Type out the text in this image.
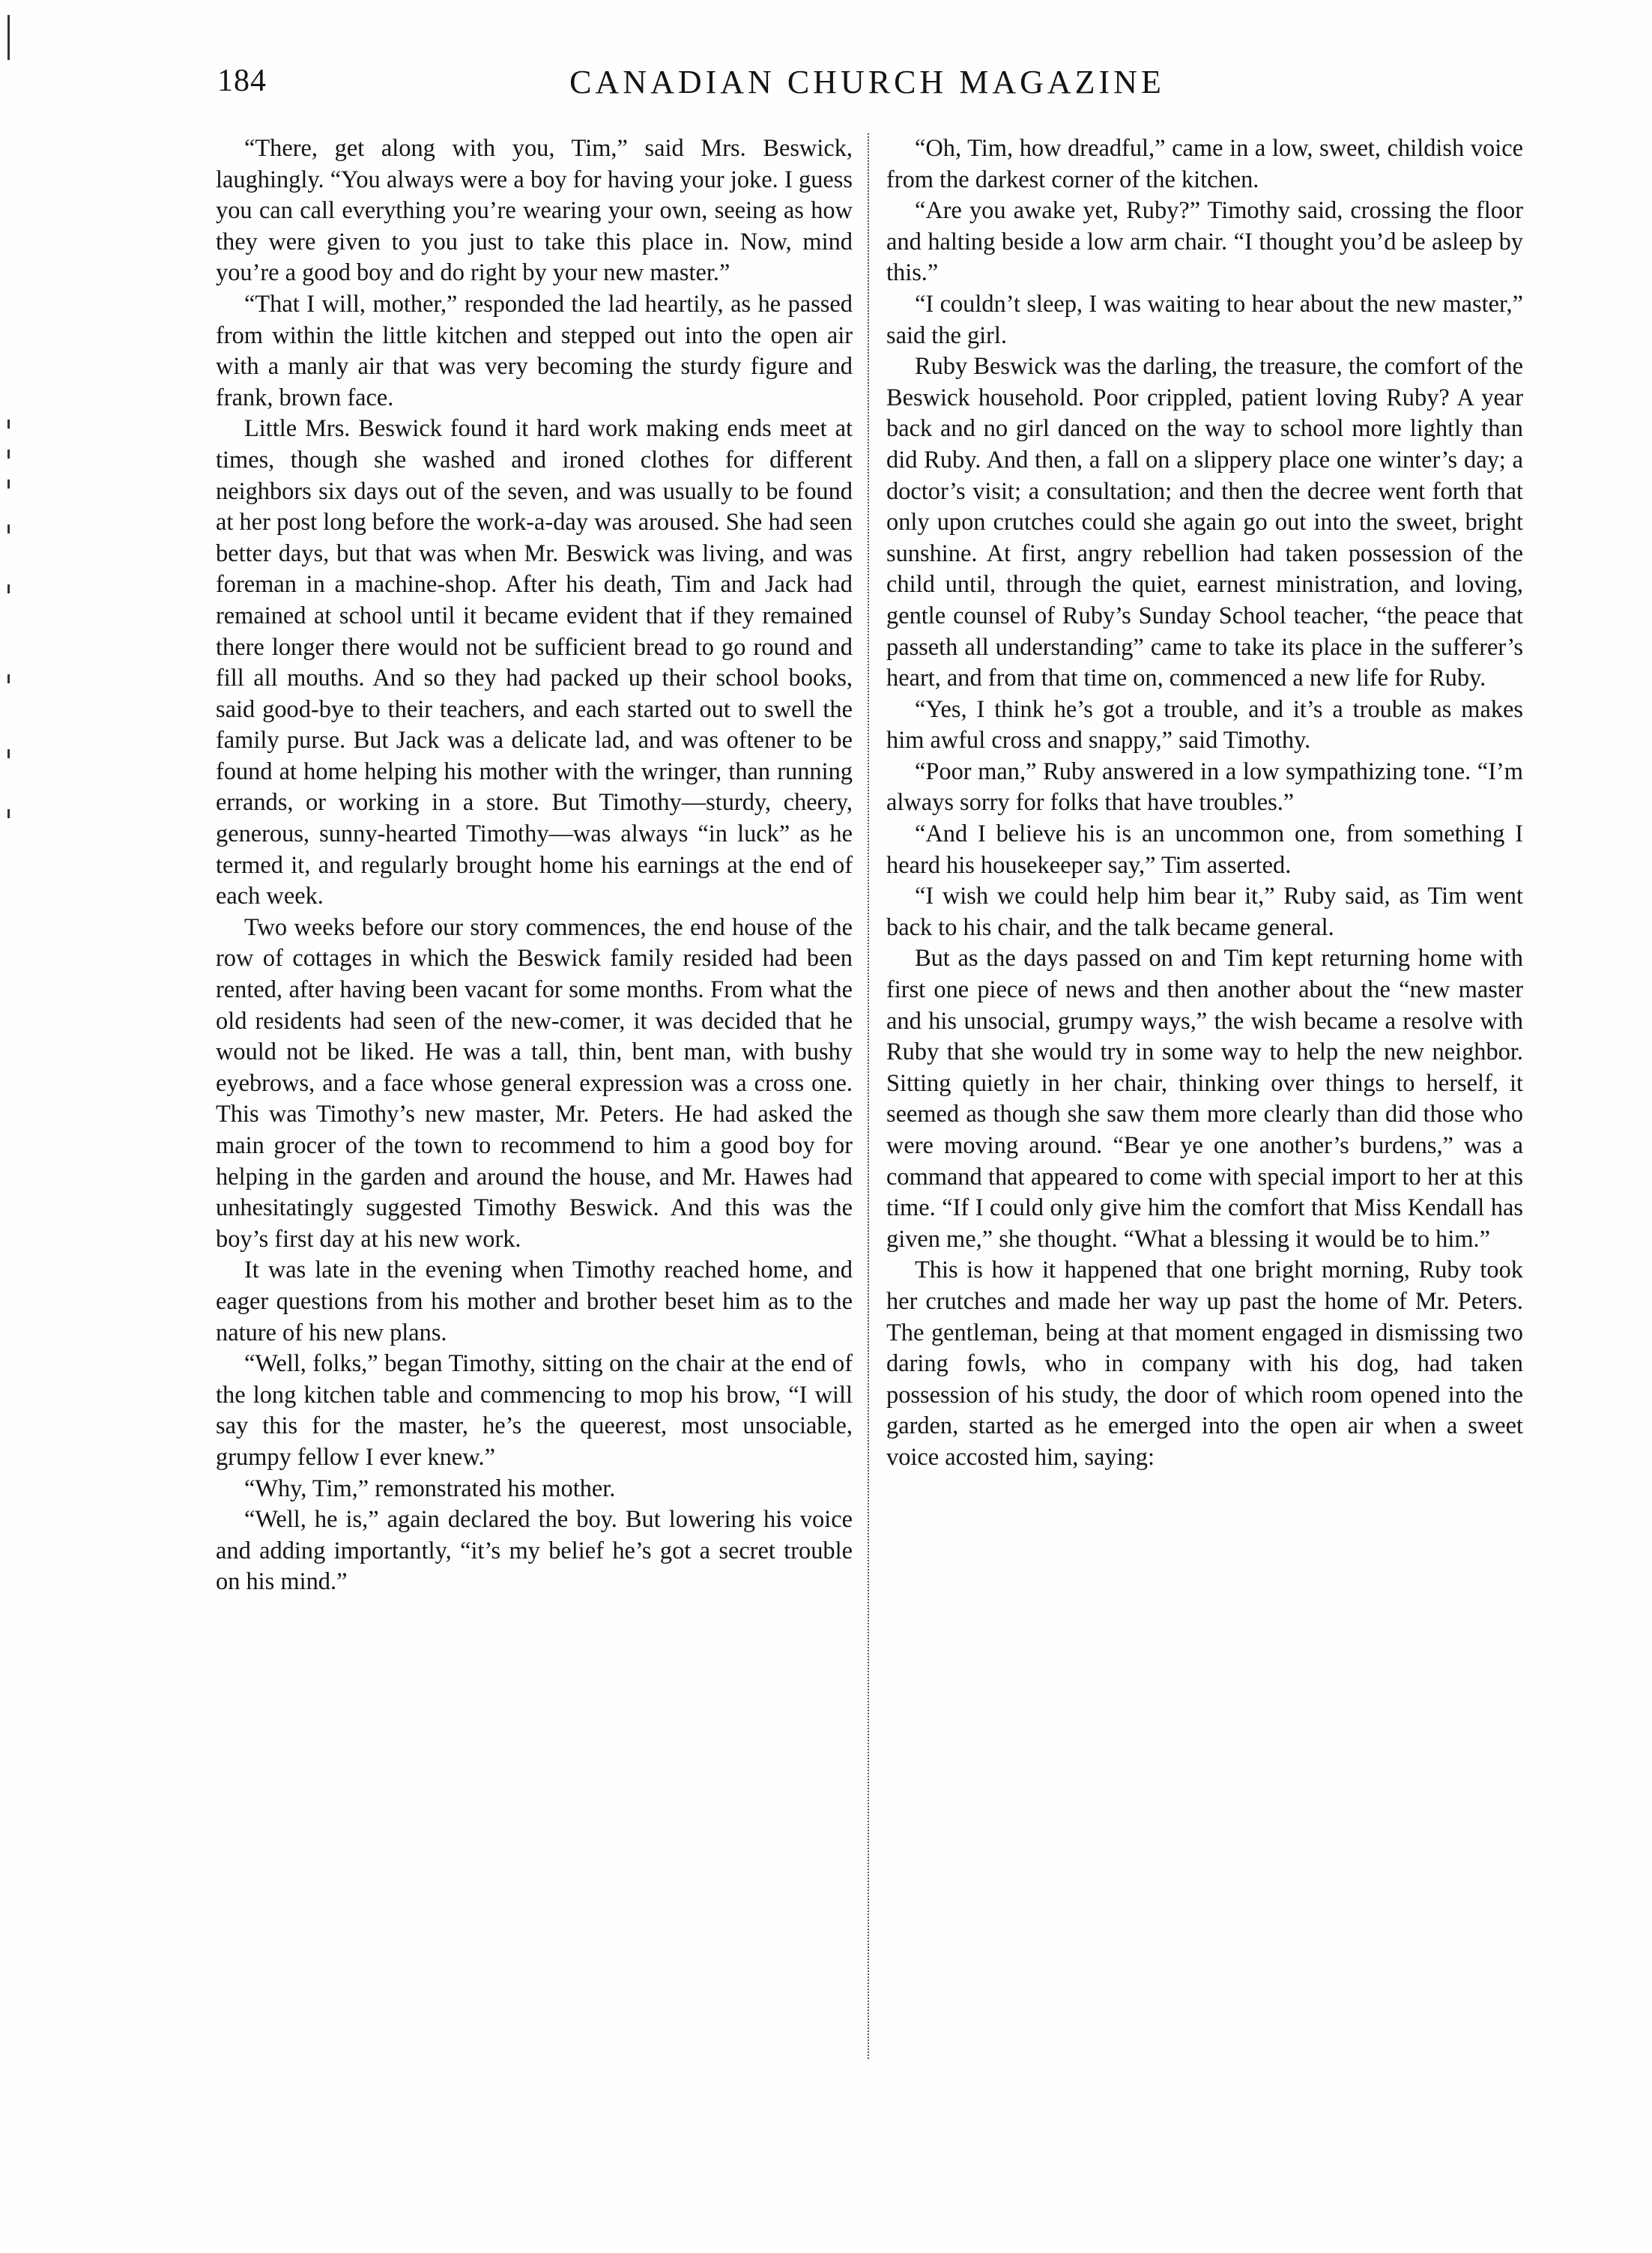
184	CANADIAN CHURCH MAGAZINE

“There, get along with you, Tim,” said Mrs. Beswick, laughingly. “You always were a boy for having your joke. I guess you can call everything you’re wearing your own, seeing as how they were given to you just to take this place in. Now, mind you’re a good boy and do right by your new master.”

“That I will, mother,” responded the lad heartily, as he passed from within the little kitchen and stepped out into the open air with a manly air that was very becoming the sturdy figure and frank, brown face.

Little Mrs. Beswick found it hard work making ends meet at times, though she washed and ironed clothes for different neighbors six days out of the seven, and was usually to be found at her post long before the work-a-day was aroused. She had seen better days, but that was when Mr. Beswick was living, and was foreman in a machine-shop. After his death, Tim and Jack had remained at school until it became evident that if they remained there longer there would not be sufficient bread to go round and fill all mouths. And so they had packed up their school books, said good-bye to their teachers, and each started out to swell the family purse. But Jack was a delicate lad, and was oftener to be found at home helping his mother with the wringer, than running errands, or working in a store. But Timothy—sturdy, cheery, generous, sunny-hearted Timothy—was always “in luck” as he termed it, and regularly brought home his earnings at the end of each week.

Two weeks before our story commences, the end house of the row of cottages in which the Beswick family resided had been rented, after having been vacant for some months. From what the old residents had seen of the new-comer, it was decided that he would not be liked. He was a tall, thin, bent man, with bushy eyebrows, and a face whose general expression was a cross one. This was Timothy’s new master, Mr. Peters. He had asked the main grocer of the town to recommend to him a good boy for helping in the garden and around the house, and Mr. Hawes had unhesitatingly suggested Timothy Beswick. And this was the boy’s first day at his new work.

It was late in the evening when Timothy reached home, and eager questions from his mother and brother beset him as to the nature of his new plans.

“Well, folks,” began Timothy, sitting on the chair at the end of the long kitchen table and commencing to mop his brow, “I will say this for the master, he’s the queerest, most unsociable, grumpy fellow I ever knew.”

“Why, Tim,” remonstrated his mother.

“Well, he is,” again declared the boy. But lowering his voice and adding importantly, “it’s my belief he’s got a secret trouble on his mind.”

“Oh, Tim, how dreadful,” came in a low, sweet, childish voice from the darkest corner of the kitchen.

“Are you awake yet, Ruby?” Timothy said, crossing the floor and halting beside a low arm chair. “I thought you’d be asleep by this.”

“I couldn’t sleep, I was waiting to hear about the new master,” said the girl.

Ruby Beswick was the darling, the treasure, the comfort of the Beswick household. Poor crippled, patient loving Ruby? A year back and no girl danced on the way to school more lightly than did Ruby. And then, a fall on a slippery place one winter’s day; a doctor’s visit; a consultation; and then the decree went forth that only upon crutches could she again go out into the sweet, bright sunshine. At first, angry rebellion had taken possession of the child until, through the quiet, earnest ministration, and loving, gentle counsel of Ruby’s Sunday School teacher, “the peace that passeth all understanding” came to take its place in the sufferer’s heart, and from that time on, commenced a new life for Ruby.

“Yes, I think he’s got a trouble, and it’s a trouble as makes him awful cross and snappy,” said Timothy.

“Poor man,” Ruby answered in a low sympathizing tone. “I’m always sorry for folks that have troubles.”

“And I believe his is an uncommon one, from something I heard his housekeeper say,” Tim asserted.

“I wish we could help him bear it,” Ruby said, as Tim went back to his chair, and the talk became general.

But as the days passed on and Tim kept returning home with first one piece of news and then another about the “new master and his unsocial, grumpy ways,” the wish became a resolve with Ruby that she would try in some way to help the new neighbor. Sitting quietly in her chair, thinking over things to herself, it seemed as though she saw them more clearly than did those who were moving around. “Bear ye one another’s burdens,” was a command that appeared to come with special import to her at this time. “If I could only give him the comfort that Miss Kendall has given me,” she thought. “What a blessing it would be to him.”

This is how it happened that one bright morning, Ruby took her crutches and made her way up past the home of Mr. Peters. The gentleman, being at that moment engaged in dismissing two daring fowls, who in company with his dog, had taken possession of his study, the door of which room opened into the garden, started as he emerged into the open air when a sweet voice accosted him, saying:
